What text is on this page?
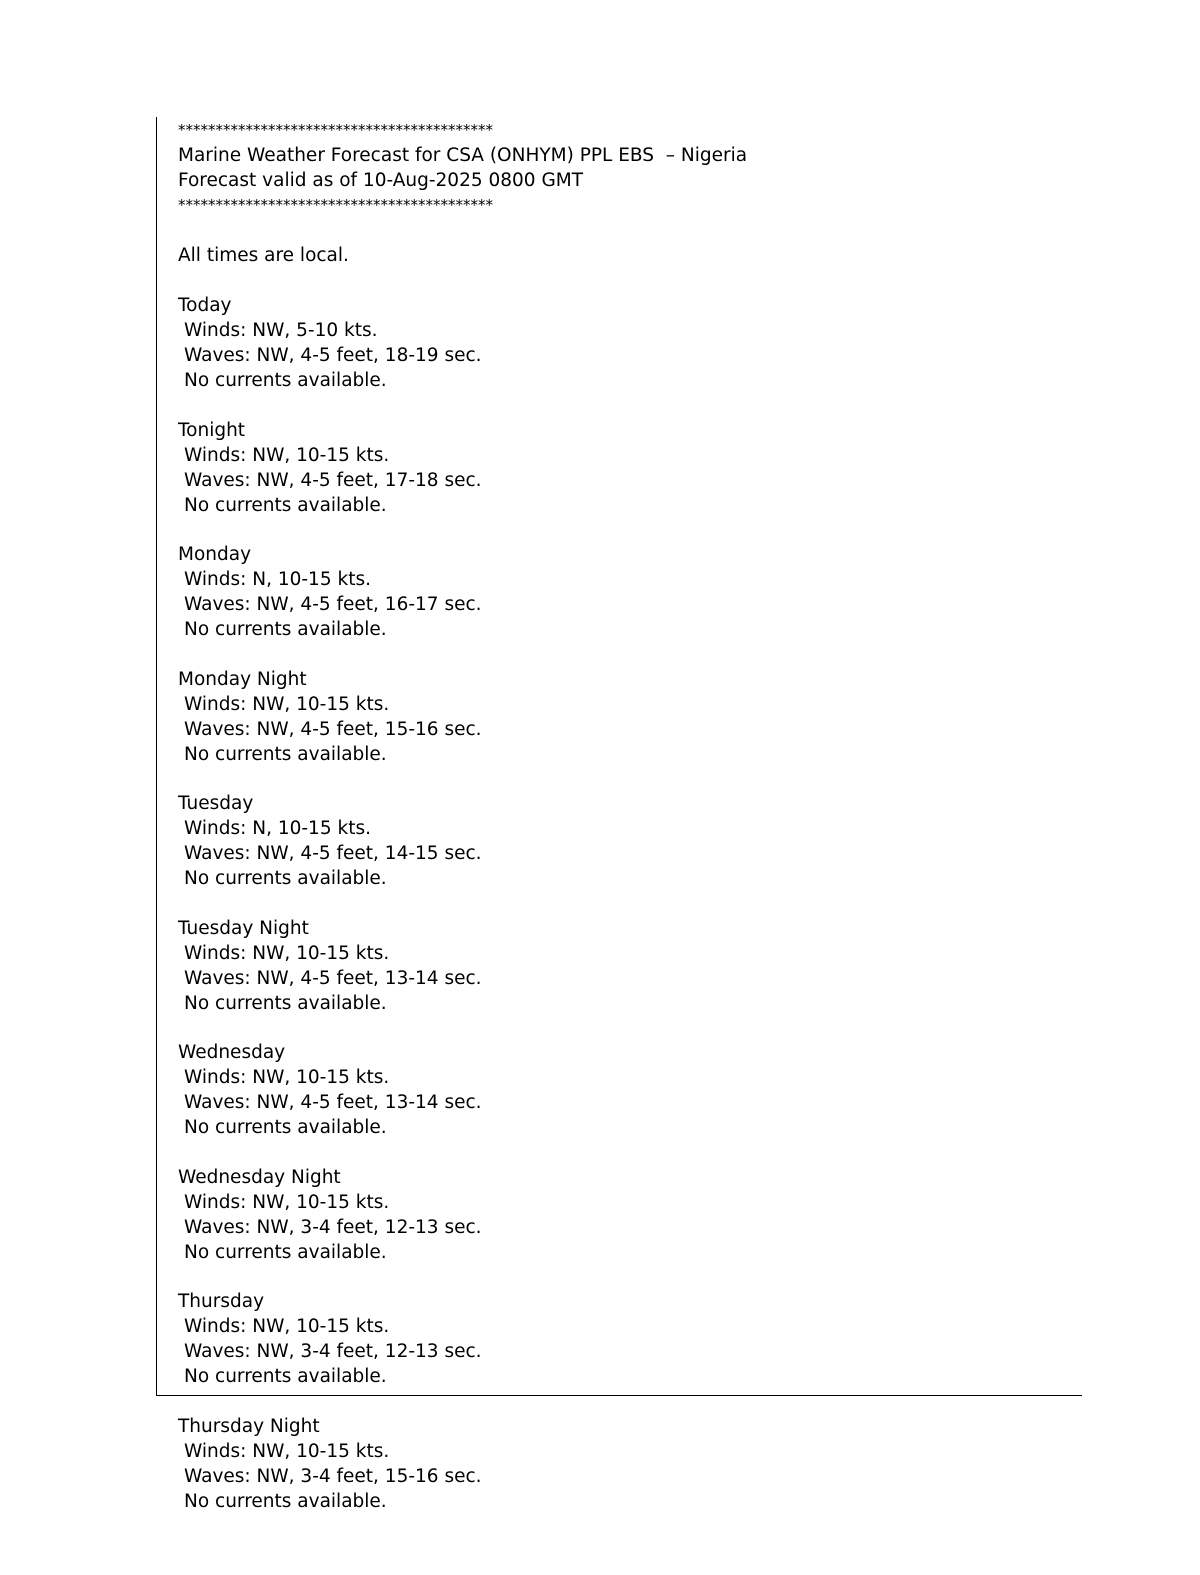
******************************************
Marine Weather Forecast for CSA (ONHYM) PPL EBS  – Nigeria
Forecast valid as of 10-Aug-2025 0800 GMT
******************************************
All times are local.
Today
Winds: NW, 5-10 kts.
Waves: NW, 4-5 feet, 18-19 sec.
No currents available.
Tonight
Winds: NW, 10-15 kts.
Waves: NW, 4-5 feet, 17-18 sec.
No currents available.
Monday
Winds: N, 10-15 kts.
Waves: NW, 4-5 feet, 16-17 sec.
No currents available.
Monday Night
Winds: NW, 10-15 kts.
Waves: NW, 4-5 feet, 15-16 sec.
No currents available.
Tuesday
Winds: N, 10-15 kts.
Waves: NW, 4-5 feet, 14-15 sec.
No currents available.
Tuesday Night
Winds: NW, 10-15 kts.
Waves: NW, 4-5 feet, 13-14 sec.
No currents available.
Wednesday
Winds: NW, 10-15 kts.
Waves: NW, 4-5 feet, 13-14 sec.
No currents available.
Wednesday Night
Winds: NW, 10-15 kts.
Waves: NW, 3-4 feet, 12-13 sec.
No currents available.
Thursday
Winds: NW, 10-15 kts.
Waves: NW, 3-4 feet, 12-13 sec.
No currents available.
Thursday Night
Winds: NW, 10-15 kts.
Waves: NW, 3-4 feet, 15-16 sec.
No currents available.
